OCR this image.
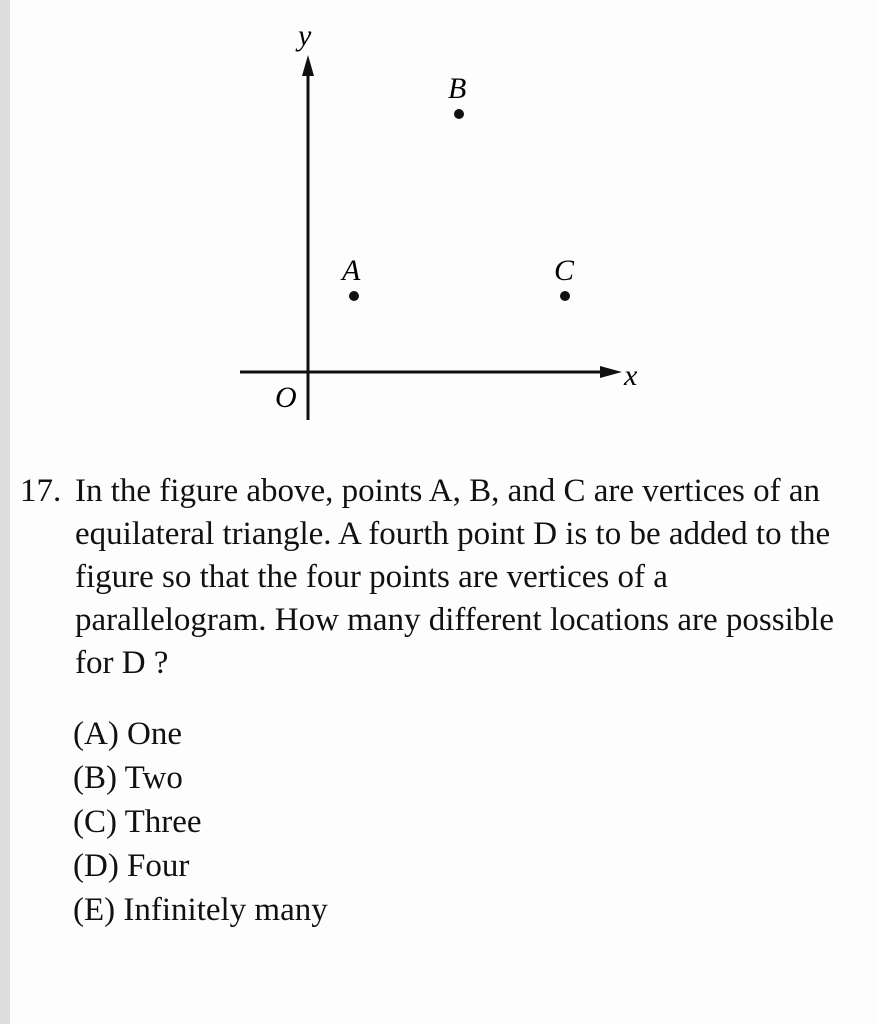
y
x
O
A
B
C
17. In the figure above, points A, B, and C are vertices of an equilateral triangle. A fourth point D is to be added to the figure so that the four points are vertices of a parallelogram. How many different locations are possible for D ?
(A) One
(B) Two
(C) Three
(D) Four
(E) Infinitely many
